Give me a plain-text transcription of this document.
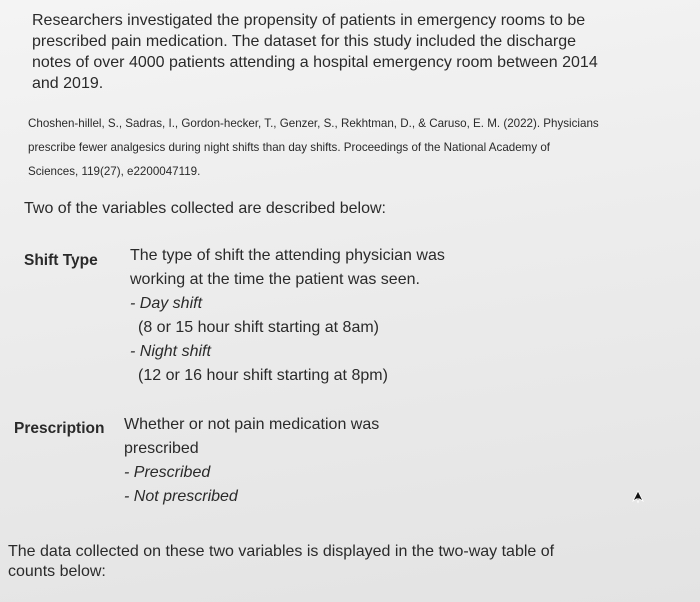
Researchers investigated the propensity of patients in emergency rooms to be
prescribed pain medication. The dataset for this study included the discharge
notes of over 4000 patients attending a hospital emergency room between 2014
and 2019.
Choshen-hillel, S., Sadras, I., Gordon-hecker, T., Genzer, S., Rekhtman, D., & Caruso, E. M. (2022). Physicians
prescribe fewer analgesics during night shifts than day shifts. Proceedings of the National Academy of
Sciences, 119(27), e2200047119.
Two of the variables collected are described below:
Shift Type The type of shift the attending physician was
working at the time the patient was seen.
- Day shift
(8 or 15 hour shift starting at 8am)
- Night shift
(12 or 16 hour shift starting at 8pm)
Prescription Whether or not pain medication was
prescribed
- Prescribed
- Not prescribed
The data collected on these two variables is displayed in the two-way table of
counts below:
